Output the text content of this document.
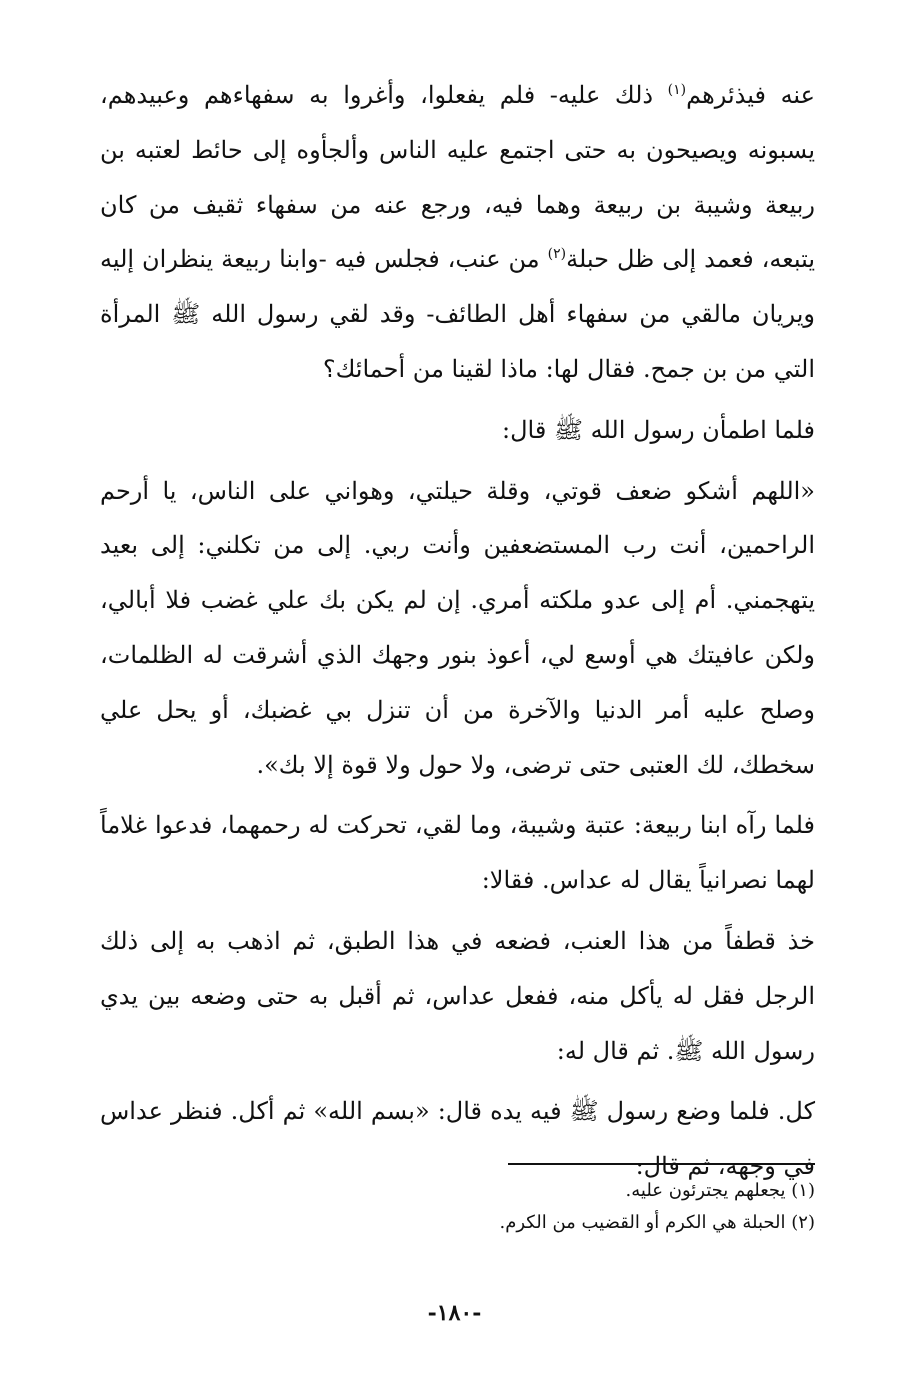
عنه فيذئرهم$^{(١)}$ ذلك عليه- فلم يفعلوا، وأغروا به سفهاءهم وعبيدهم، يسبونه ويصيحون به حتى اجتمع عليه الناس وألجأوه إلى حائط لعتبه بن ربيعة وشيبة بن ربيعة وهما فيه، ورجع عنه من سفهاء ثقيف من كان يتبعه، فعمد إلى ظل حبلة$^{(٢)}$ من عنب، فجلس فيه -وابنا ربيعة ينظران إليه ويريان مالقي من سفهاء أهل الطائف- وقد لقي رسول الله ﷺ المرأة التي من بن جمح. فقال لها: ماذا لقينا من أحمائك؟

فلما اطمأن رسول الله ﷺ قال:

«اللهم أشكو ضعف قوتي، وقلة حيلتي، وهواني على الناس، يا أرحم الراحمين، أنت رب المستضعفين وأنت ربي. إلى من تكلني: إلى بعيد يتهجمني. أم إلى عدو ملكته أمري. إن لم يكن بك علي غضب فلا أبالي، ولكن عافيتك هي أوسع لي، أعوذ بنور وجهك الذي أشرقت له الظلمات، وصلح عليه أمر الدنيا والآخرة من أن تنزل بي غضبك، أو يحل علي سخطك، لك العتبى حتى ترضى، ولا حول ولا قوة إلا بك».

فلما رآه ابنا ربيعة: عتبة وشيبة، وما لقي، تحركت له رحمهما، فدعوا غلاماً لهما نصرانياً يقال له عداس. فقالا:

خذ قطفاً من هذا العنب، فضعه في هذا الطبق، ثم اذهب به إلى ذلك الرجل فقل له يأكل منه، ففعل عداس، ثم أقبل به حتى وضعه بين يدي رسول الله ﷺ. ثم قال له:

كل. فلما وضع رسول ﷺ فيه يده قال: «بسم الله» ثم أكل. فنظر عداس في وجهه، ثم قال:

(١) يجعلهم يجترئون عليه.

(٢) الحبلة هي الكرم أو القضيب من الكرم.

-١٨٠-
